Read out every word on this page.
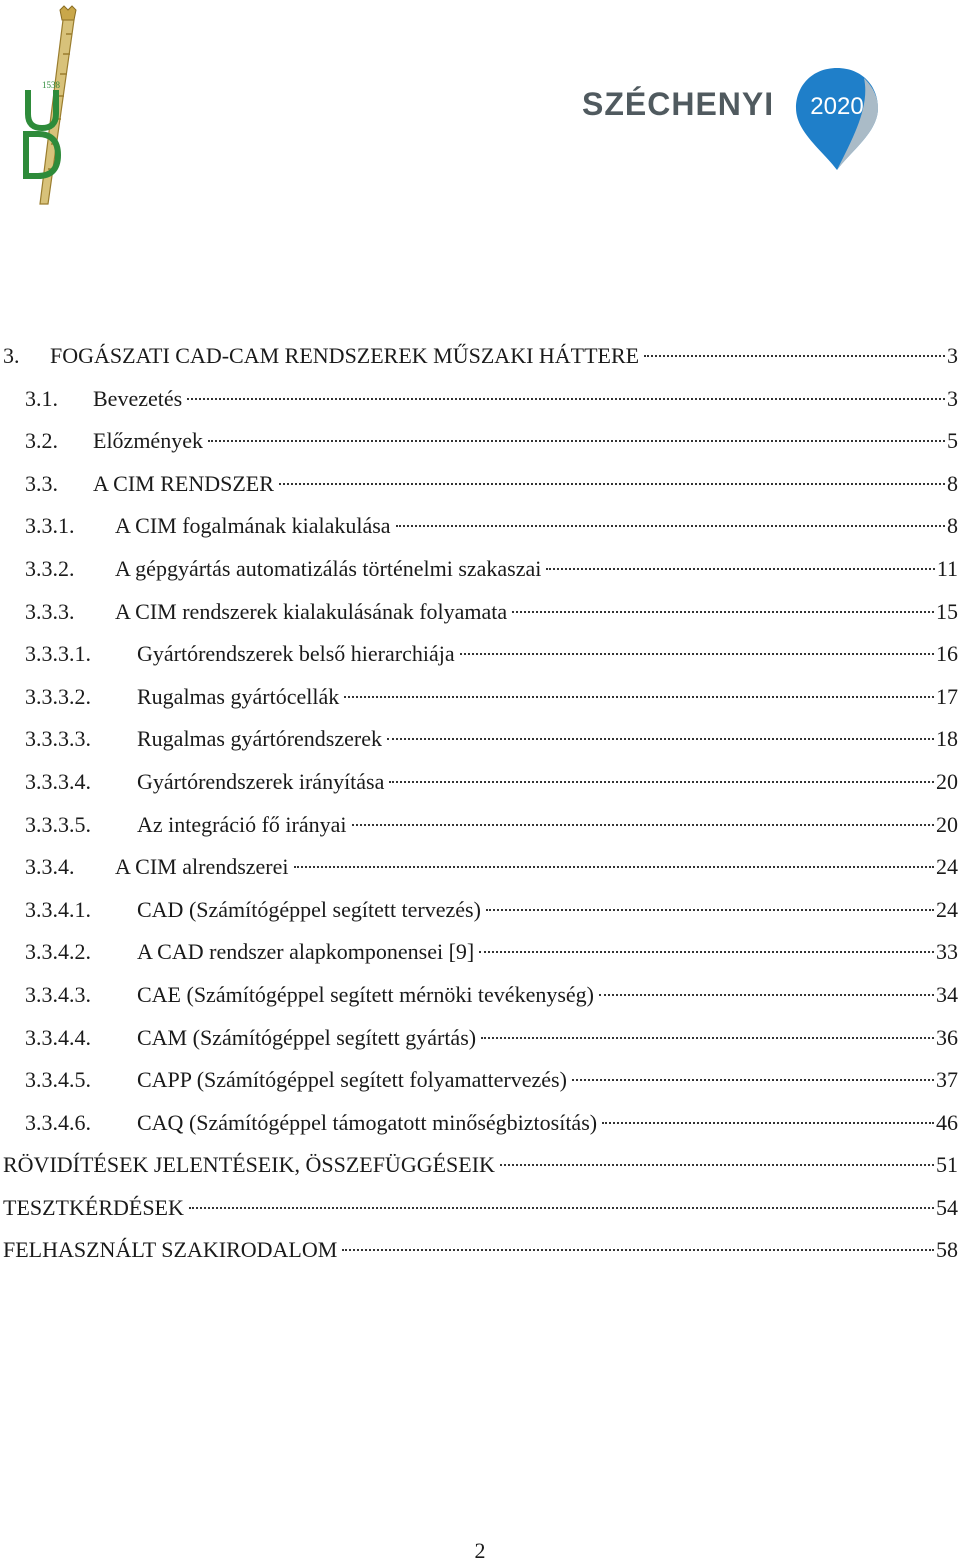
1538
SZÉCHENYI 2020
3.	FOGÁSZATI CAD-CAM RENDSZEREK MŰSZAKI HÁTTERE	3
3.1.	Bevezetés	3
3.2.	Előzmények	5
3.3.	A CIM RENDSZER	8
3.3.1.	A CIM fogalmának kialakulása	8
3.3.2.	A gépgyártás automatizálás történelmi szakaszai	11
3.3.3.	A CIM rendszerek kialakulásának folyamata	15
3.3.3.1.	Gyártórendszerek belső hierarchiája	16
3.3.3.2.	Rugalmas gyártócellák	17
3.3.3.3.	Rugalmas gyártórendszerek	18
3.3.3.4.	Gyártórendszerek irányítása	20
3.3.3.5.	Az integráció fő irányai	20
3.3.4.	A CIM alrendszerei	24
3.3.4.1.	CAD (Számítógéppel segített tervezés)	24
3.3.4.2.	A CAD rendszer alapkomponensei [9]	33
3.3.4.3.	CAE (Számítógéppel segített mérnöki tevékenység)	34
3.3.4.4.	CAM (Számítógéppel segített gyártás)	36
3.3.4.5.	CAPP (Számítógéppel segített folyamattervezés)	37
3.3.4.6.	CAQ (Számítógéppel támogatott minőségbiztosítás)	46
RÖVIDÍTÉSEK JELENTÉSEIK, ÖSSZEFÜGGÉSEIK	51
TESZTKÉRDÉSEK	54
FELHASZNÁLT SZAKIRODALOM	58
2
